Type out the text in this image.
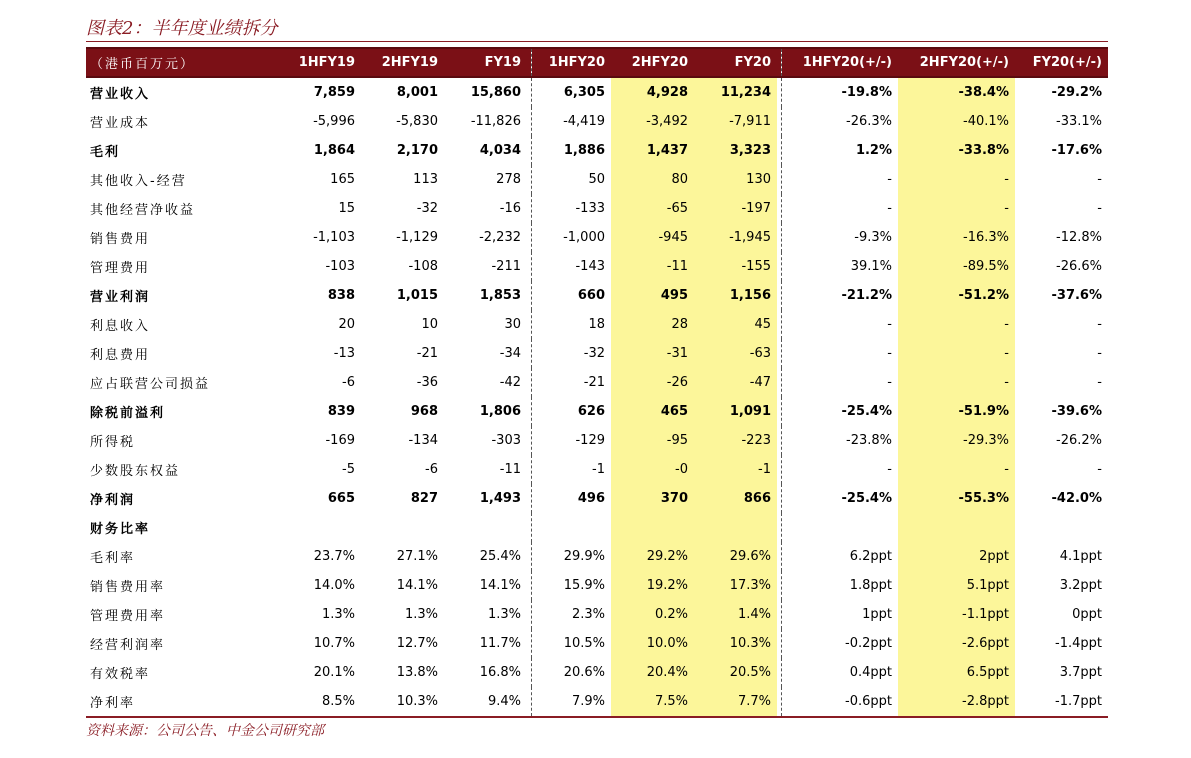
图表2：半年度业绩拆分
（港币百万元）	1HFY19	2HFY19	FY19		1HFY20	2HFY20	FY20		1HFY20(+/-)	2HFY20(+/-)	FY20(+/-)
营业收入	7,859	8,001	15,860		6,305	4,928	11,234		-19.8%	-38.4%	-29.2%
营业成本	-5,996	-5,830	-11,826		-4,419	-3,492	-7,911		-26.3%	-40.1%	-33.1%
毛利	1,864	2,170	4,034		1,886	1,437	3,323		1.2%	-33.8%	-17.6%
其他收入-经营	165	113	278		50	80	130		-	-	-
其他经营净收益	15	-32	-16		-133	-65	-197		-	-	-
销售费用	-1,103	-1,129	-2,232		-1,000	-945	-1,945		-9.3%	-16.3%	-12.8%
管理费用	-103	-108	-211		-143	-11	-155		39.1%	-89.5%	-26.6%
营业利润	838	1,015	1,853		660	495	1,156		-21.2%	-51.2%	-37.6%
利息收入	20	10	30		18	28	45		-	-	-
利息费用	-13	-21	-34		-32	-31	-63		-	-	-
应占联营公司损益	-6	-36	-42		-21	-26	-47		-	-	-
除税前溢利	839	968	1,806		626	465	1,091		-25.4%	-51.9%	-39.6%
所得税	-169	-134	-303		-129	-95	-223		-23.8%	-29.3%	-26.2%
少数股东权益	-5	-6	-11		-1	-0	-1		-	-	-
净利润	665	827	1,493		496	370	866		-25.4%	-55.3%	-42.0%
财务比率											
毛利率	23.7%	27.1%	25.4%		29.9%	29.2%	29.6%		6.2ppt	2ppt	4.1ppt
销售费用率	14.0%	14.1%	14.1%		15.9%	19.2%	17.3%		1.8ppt	5.1ppt	3.2ppt
管理费用率	1.3%	1.3%	1.3%		2.3%	0.2%	1.4%		1ppt	-1.1ppt	0ppt
经营利润率	10.7%	12.7%	11.7%		10.5%	10.0%	10.3%		-0.2ppt	-2.6ppt	-1.4ppt
有效税率	20.1%	13.8%	16.8%		20.6%	20.4%	20.5%		0.4ppt	6.5ppt	3.7ppt
净利率	8.5%	10.3%	9.4%		7.9%	7.5%	7.7%		-0.6ppt	-2.8ppt	-1.7ppt
资料来源：公司公告、中金公司研究部
